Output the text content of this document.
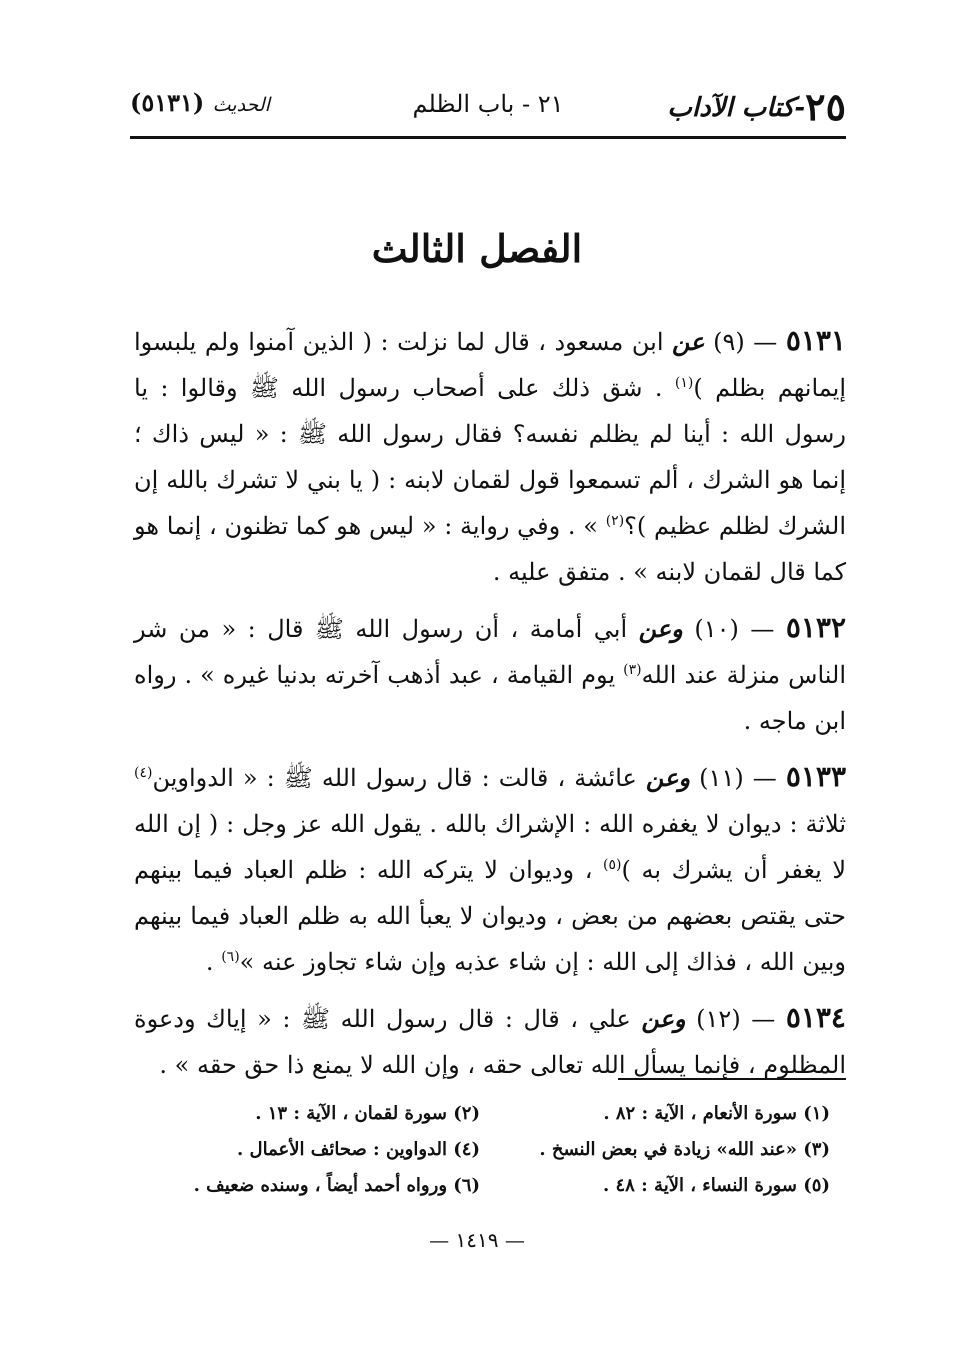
٢٥-كتاب الآداب
٢١ - باب الظلم
الحديث (٥١٣١)
الفصل الثالث

٥١٣١ — (٩) عن ابن مسعود ، قال لما نزلت : ( الذين آمنوا ولم يلبسوا إيمانهم بظلم )$^{(١)}$ . شق ذلك على أصحاب رسول الله ﷺ وقالوا : يا رسول الله : أينا لم يظلم نفسه؟ فقال رسول الله ﷺ : « ليس ذاك ؛ إنما هو الشرك ، ألم تسمعوا قول لقمان لابنه : ( يا بني لا تشرك بالله إن الشرك لظلم عظيم )؟$^{(٢)}$ » . وفي رواية : « ليس هو كما تظنون ، إنما هو كما قال لقمان لابنه » . متفق عليه .

٥١٣٢ — (١٠) وعن أبي أمامة ، أن رسول الله ﷺ قال : « من شر الناس منزلة عند الله$^{(٣)}$ يوم القيامة ، عبد أذهب آخرته بدنيا غيره » . رواه ابن ماجه .

٥١٣٣ — (١١) وعن عائشة ، قالت : قال رسول الله ﷺ : « الدواوين$^{(٤)}$ ثلاثة : ديوان لا يغفره الله : الإشراك بالله . يقول الله عز وجل : ( إن الله لا يغفر أن يشرك به )$^{(٥)}$ ، وديوان لا يتركه الله : ظلم العباد فيما بينهم حتى يقتص بعضهم من بعض ، وديوان لا يعبأ الله به ظلم العباد فيما بينهم وبين الله ، فذاك إلى الله : إن شاء عذبه وإن شاء تجاوز عنه »$^{(٦)}$ .

٥١٣٤ — (١٢) وعن علي ، قال : قال رسول الله ﷺ : « إياك ودعوة المظلوم ، فإنما يسأل الله تعالى حقه ، وإن الله لا يمنع ذا حق حقه » .

(١) سورة الأنعام ، الآية : ٨٢ .
(٢) سورة لقمان ، الآية : ١٣ .
(٣) «عند الله» زيادة في بعض النسخ .
(٤) الدواوين : صحائف الأعمال .
(٥) سورة النساء ، الآية : ٤٨ .
(٦) ورواه أحمد أيضاً ، وسنده ضعيف .
— ١٤١٩ —
